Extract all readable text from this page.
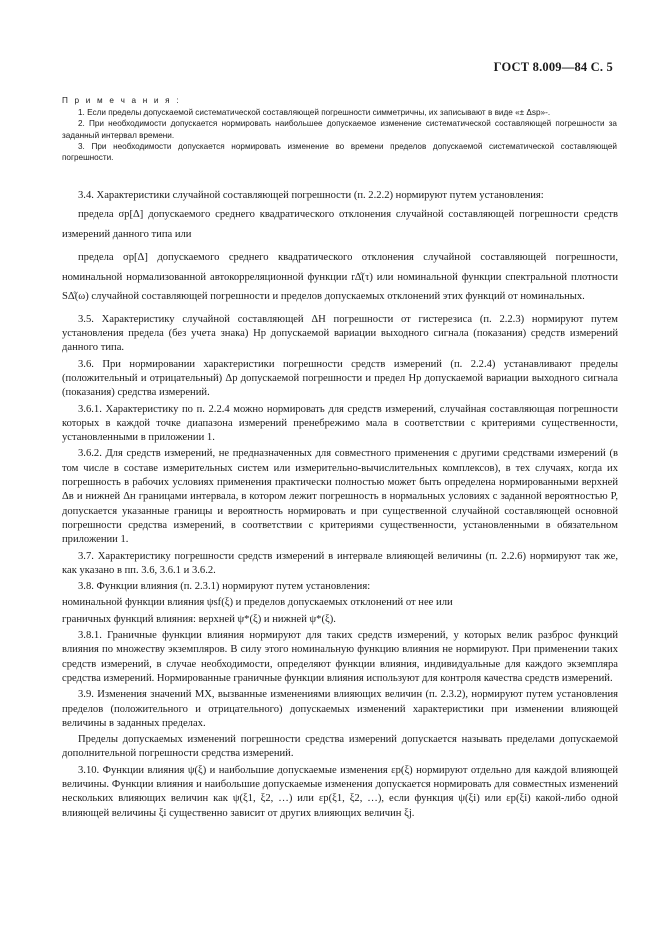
ГОСТ 8.009—84 С. 5
П р и м е ч а н и я :

1. Если пределы допускаемой систематической составляющей погрешности симметричны, их записывают в виде «± Δsp»-.

2. При необходимости допускается нормировать наибольшее допускаемое изменение систематической составляющей погрешности за заданный интервал времени.

3. При необходимости допускается нормировать изменение во времени пределов допускаемой систематической составляющей погрешности.

3.4. Характеристики случайной составляющей погрешности (п. 2.2.2) нормируют путем установления:

предела σp[Δ] допускаемого среднего квадратического отклонения случайной составляющей погрешности средств измерений данного типа или

предела σp[Δ] допускаемого среднего квадратического отклонения случайной составляющей погрешности, номинальной нормализованной автокорреляционной функции rΔ̊(τ) или номинальной функции спектральной плотности SΔ̊(ω) случайной составляющей погрешности и пределов допускаемых отклонений этих функций от номинальных.

3.5. Характеристику случайной составляющей ΔH погрешности от гистерезиса (п. 2.2.3) нормируют путем установления предела (без учета знака) Hp допускаемой вариации выходного сигнала (показания) средств измерений данного типа.

3.6. При нормировании характеристики погрешности средств измерений (п. 2.2.4) устанавливают пределы (положительный и отрицательный) Δp допускаемой погрешности и предел Hp допускаемой вариации выходного сигнала (показания) средства измерений.

3.6.1. Характеристику по п. 2.2.4 можно нормировать для средств измерений, случайная составляющая погрешности которых в каждой точке диапазона измерений пренебрежимо мала в соответствии с критериями существенности, установленными в приложении 1.

3.6.2. Для средств измерений, не предназначенных для совместного применения с другими средствами измерений (в том числе в составе измерительных систем или измерительно-вычислительных комплексов), в тех случаях, когда их погрешность в рабочих условиях применения практически полностью может быть определена нормированными верхней Δв и нижней Δн границами интервала, в котором лежит погрешность в нормальных условиях с заданной вероятностью P, допускается указанные границы и вероятность нормировать и при существенной случайной составляющей основной погрешности средства измерений, в соответствии с критериями существенности, установленными в обязательном приложении 1.

3.7. Характеристику погрешности средств измерений в интервале влияющей величины (п. 2.2.6) нормируют так же, как указано в пп. 3.6, 3.6.1 и 3.6.2.

3.8. Функции влияния (п. 2.3.1) нормируют путем установления:

номинальной функции влияния ψsf(ξ) и пределов допускаемых отклонений от нее или

граничных функций влияния: верхней ψ*(ξ) и нижней ψ*(ξ).

3.8.1. Граничные функции влияния нормируют для таких средств измерений, у которых велик разброс функций влияния по множеству экземпляров. В силу этого номинальную функцию влияния не нормируют. При применении таких средств измерений, в случае необходимости, определяют функции влияния, индивидуальные для каждого экземпляра средства измерений. Нормированные граничные функции влияния используют для контроля качества средств измерений.

3.9. Изменения значений МХ, вызванные изменениями влияющих величин (п. 2.3.2), нормируют путем установления пределов (положительного и отрицательного) допускаемых изменений характеристики при изменении влияющей величины в заданных пределах.

Пределы допускаемых изменений погрешности средства измерений допускается называть пределами допускаемой дополнительной погрешности средства измерений.

3.10. Функции влияния ψ(ξ) и наибольшие допускаемые изменения εp(ξ) нормируют отдельно для каждой влияющей величины. Функции влияния и наибольшие допускаемые изменения допускается нормировать для совместных изменений нескольких влияющих величин как ψ(ξ1, ξ2, …) или εp(ξ1, ξ2, …), если функция ψ(ξi) или εp(ξi) какой-либо одной влияющей величины ξi существенно зависит от других влияющих величин ξj.
